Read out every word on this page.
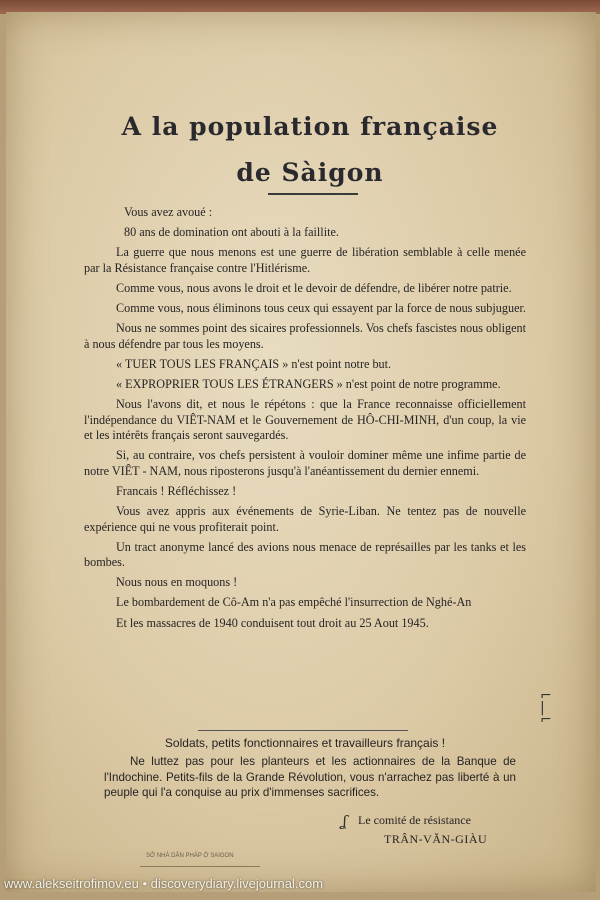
A la population française
de Sàigon

Vous avez avoué :

80 ans de domination ont abouti à la faillite.

La guerre que nous menons est une guerre de libération semblable à celle menée par la Résistance française contre l'Hitlérisme.

Comme vous, nous avons le droit et le devoir de défendre, de libérer notre patrie.

Comme vous, nous éliminons tous ceux qui essayent par la force de nous subjuguer.

Nous ne sommes point des sicaires professionnels. Vos chefs fascistes nous obligent à nous défendre par tous les moyens.

« TUER TOUS LES FRANÇAIS » n'est point notre but.

« EXPROPRIER TOUS LES ÉTRANGERS » n'est point de notre programme.

Nous l'avons dit, et nous le répétons : que la France reconnaisse officiellement l'indépendance du VIÊT-NAM et le Gouvernement de HÔ-CHI-MINH, d'un coup, la vie et les intérêts français seront sauvegardés.

Si, au contraire, vos chefs persistent à vouloir dominer même une infime partie de notre VIÊT - NAM, nous riposterons jusqu'à l'anéantissement du dernier ennemi.

Francais ! Réfléchissez !

Vous avez appris aux événements de Syrie-Liban. Ne tentez pas de nouvelle expérience qui ne vous profiterait point.

Un tract anonyme lancé des avions nous menace de représailles par les tanks et les bombes.

Nous nous en moquons !

Le bombardement de Cô-Am n'a pas empêché l'insurrection de Nghé-An

Et les massacres de 1940 conduisent tout droit au 25 Aout 1945.

⌐
|
⌐
Soldats, petits fonctionnaires et travailleurs français !

Ne luttez pas pour les planteurs et les actionnaires de la Banque de l'Indochine. Petits-fils de la Grande Révolution, vous n'arrachez pas liberté à un peuple qui l'a conquise au prix d'immenses sacrifices.

ʆ Le comité de résistance
TRÂN-VĂN-GIÀU
SỞ NHÀ DÂN PHÁP Ở SAIGON
www.alekseitrofimov.eu • discoverydiary.livejournal.com
